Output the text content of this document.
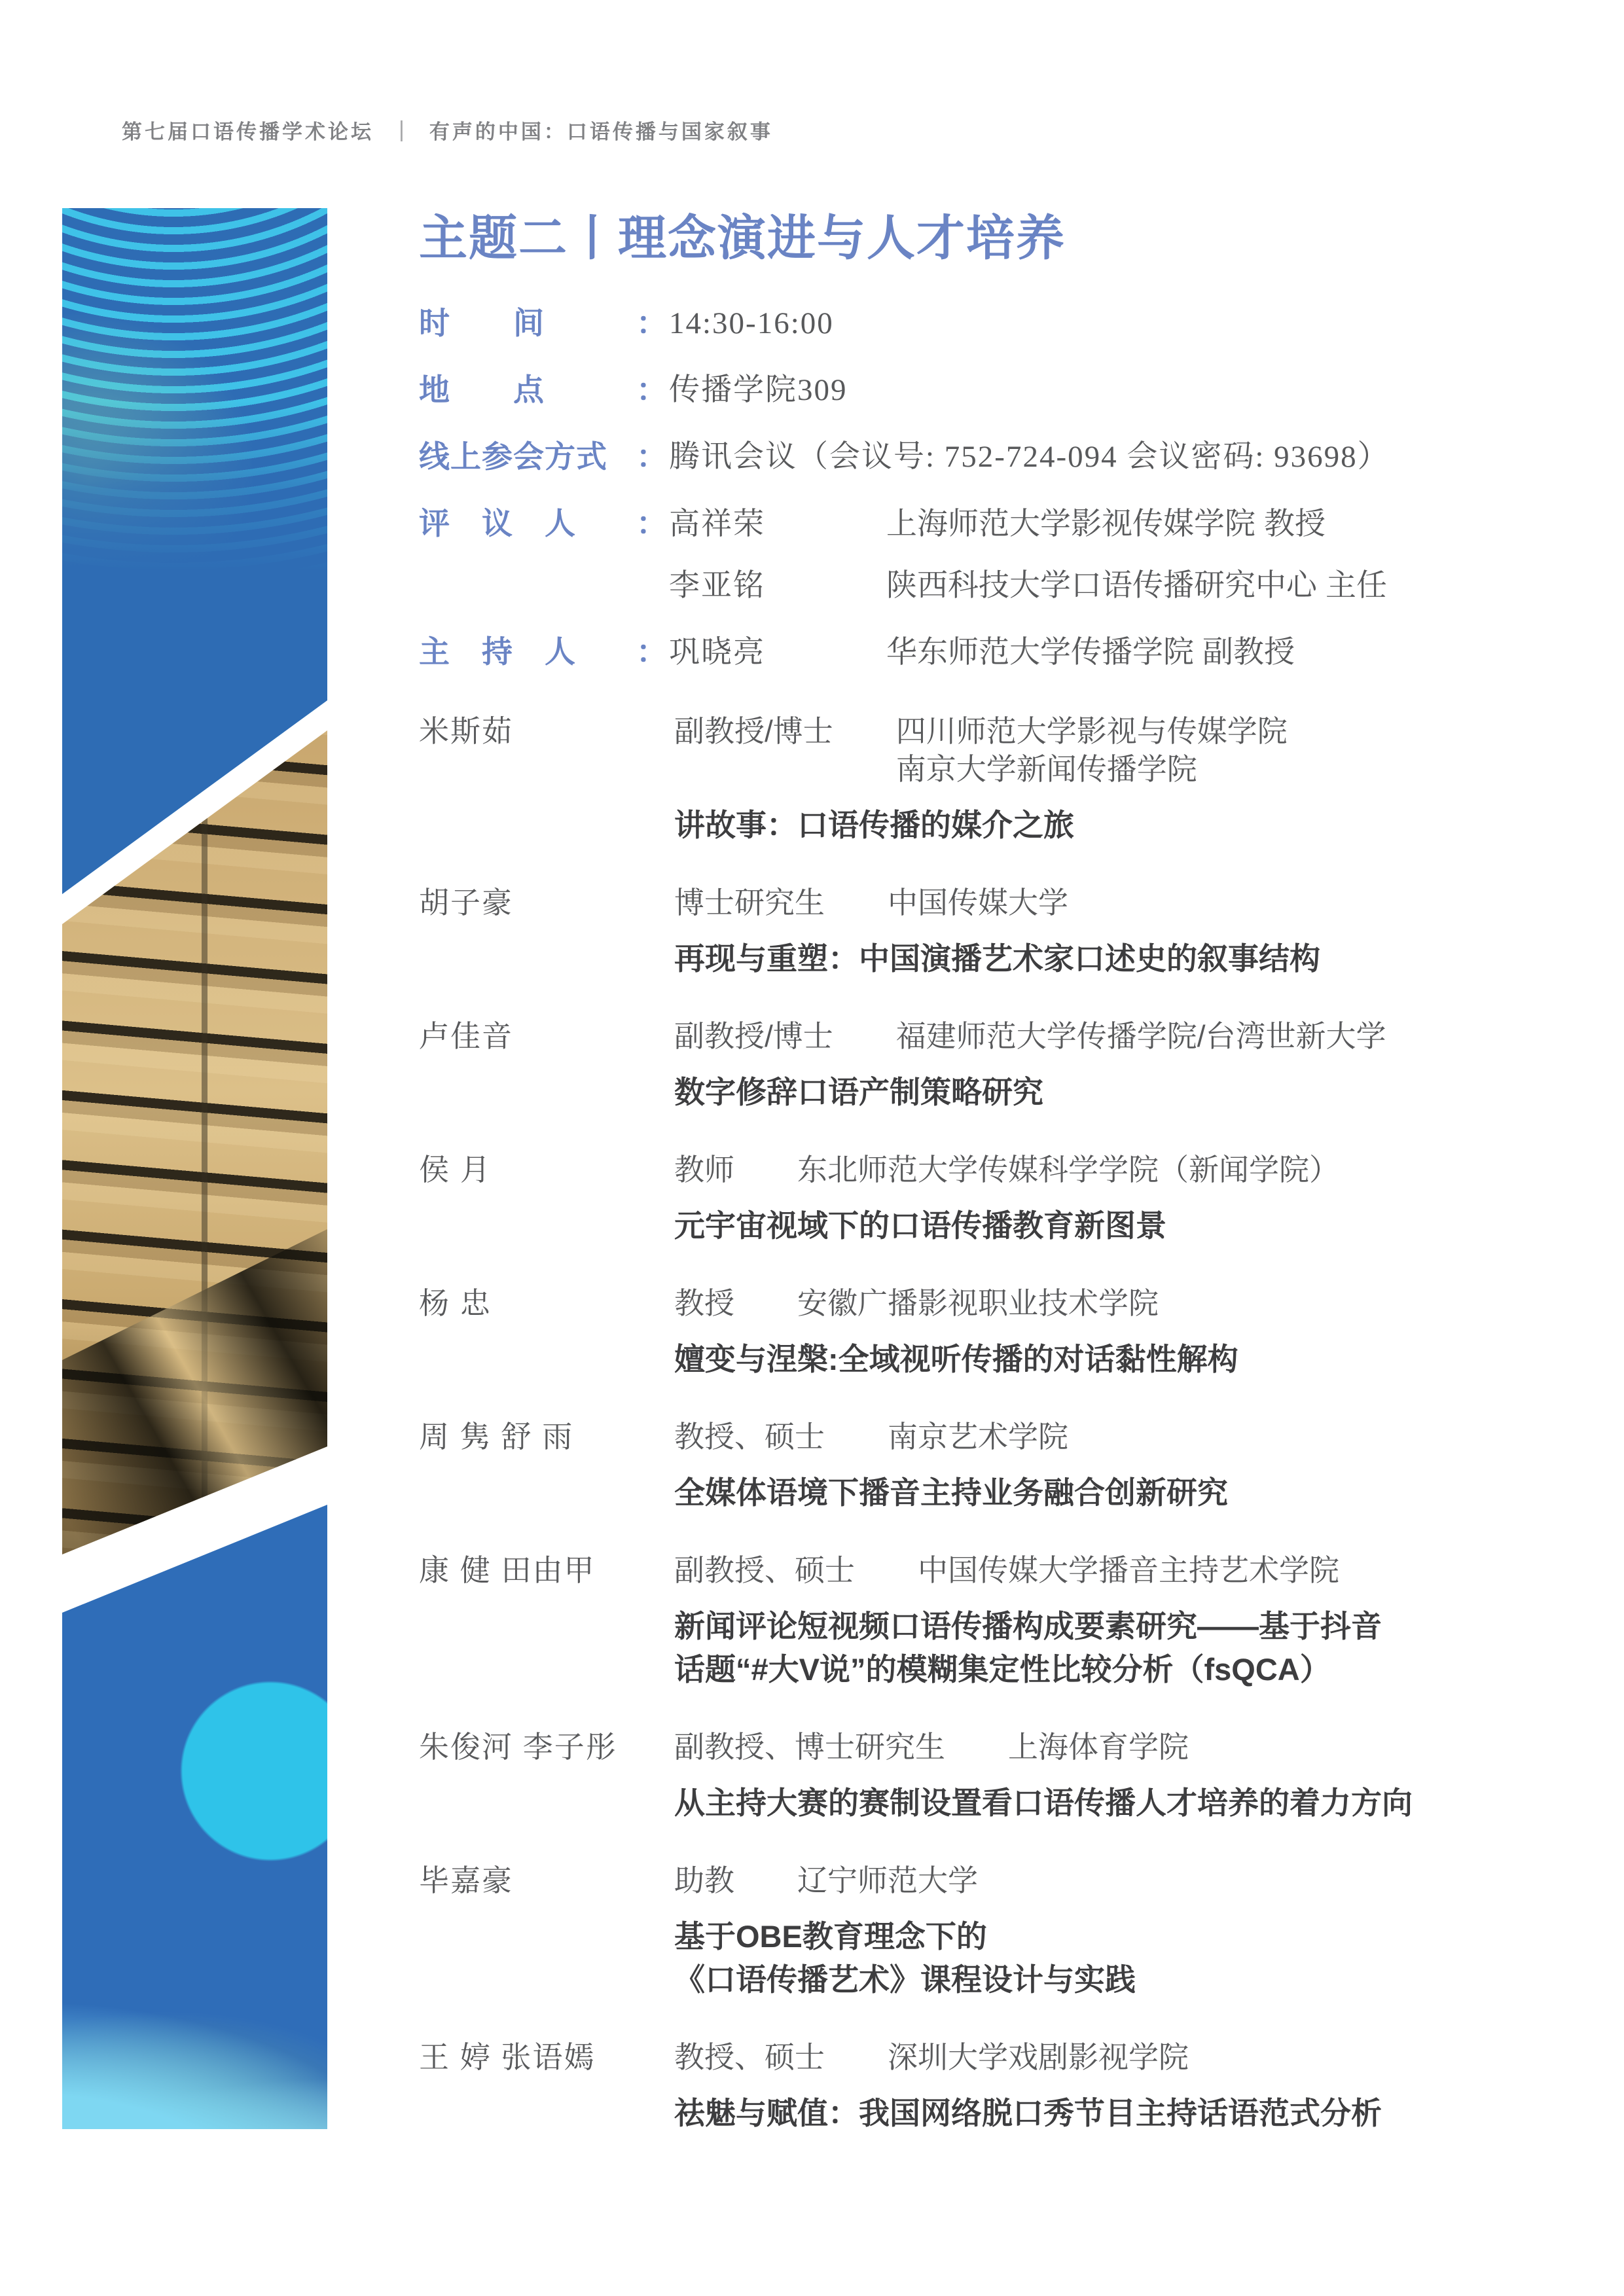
第七届口语传播学术论坛 | 有声的中国：口语传播与国家叙事
主题二丨理念演进与人才培养
时　　间	： 14:30-16:00
地　　点	： 传播学院309
线上参会方式 ： 腾讯会议（会议号: 752-724-094 会议密码: 93698）
评　议　人	： 高祥荣	上海师范大学影视传媒学院 教授
李亚铭	陕西科技大学口语传播研究中心 主任
主　持　人	： 巩晓亮	华东师范大学传播学院 副教授
米斯茹	副教授/博士 四川师范大学影视与传媒学院
南京大学新闻传播学院
讲故事：口语传播的媒介之旅
胡子豪	博士研究生 中国传媒大学
再现与重塑：中国演播艺术家口述史的叙事结构
卢佳音	副教授/博士 福建师范大学传播学院/台湾世新大学
数字修辞口语产制策略研究
侯 月	教师 东北师范大学传媒科学学院（新闻学院）
元宇宙视域下的口语传播教育新图景
杨 忠	教授 安徽广播影视职业技术学院
嬗变与涅槃:全域视听传播的对话黏性解构
周 隽 舒 雨	教授、硕士 南京艺术学院
全媒体语境下播音主持业务融合创新研究
康 健 田由甲	副教授、硕士 中国传媒大学播音主持艺术学院
新闻评论短视频口语传播构成要素研究——基于抖音
话题“#大V说”的模糊集定性比较分析（fsQCA）
朱俊河 李子彤	副教授、博士研究生 上海体育学院
从主持大赛的赛制设置看口语传播人才培养的着力方向
毕嘉豪	助教 辽宁师范大学
基于OBE教育理念下的
《口语传播艺术》课程设计与实践
王 婷 张语嫣	教授、硕士 深圳大学戏剧影视学院
祛魅与赋值：我国网络脱口秀节目主持话语范式分析
